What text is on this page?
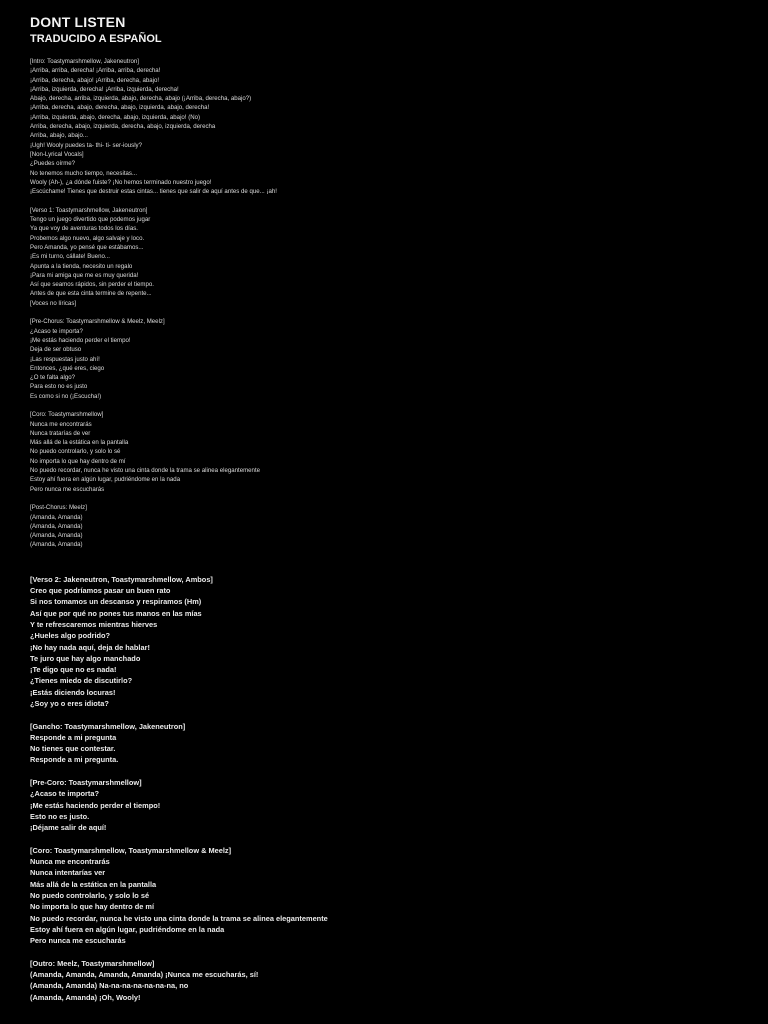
DONT LISTEN
TRADUCIDO A ESPAÑOL
[Intro: Toastymarshmellow, Jakeneutron]
¡Arriba, arriba, derecha! ¡Arriba, arriba, derecha!
¡Arriba, derecha, abajo! ¡Arriba, derecha, abajo!
¡Arriba, izquierda, derecha! ¡Arriba, izquierda, derecha!
Abajo, derecha, arriba, izquierda, abajo, derecha, abajo (¡Arriba, derecha, abajo?)
¡Arriba, derecha, abajo, derecha, abajo, izquierda, abajo, derecha!
¡Arriba, izquierda, abajo, derecha, abajo, izquierda, abajo! (No)
Arriba, derecha, abajo, izquierda, derecha, abajo, izquierda, derecha
Arriba, abajo, abajo...
¡Ugh! Wooly puedes ta- thi- ti- ser-iously?
[Non-Lyrical Vocals]
¿Puedes oírme?
No tenemos mucho tiempo, necesitas...
Wooly (Ah-), ¿a dónde fuiste? ¡No hemos terminado nuestro juego!
¡Escúchame! Tienes que destruir estas cintas... tienes que salir de aquí antes de que... ¡ah!
[Verso 1: Toastymarshmellow, Jakeneutron]
Tengo un juego divertido que podemos jugar
Ya que voy de aventuras todos los días.
Probemos algo nuevo, algo salvaje y loco.
Pero Amanda, yo pensé que estábamos...
¡Es mi turno, cállate! Bueno...
Apunta a la tienda, necesito un regalo
¡Para mi amiga que me es muy querida!
Así que seamos rápidos, sin perder el tiempo.
Antes de que esta cinta termine de repente...
[Voces no líricas]
[Pre-Chorus: Toastymarshmellow & Meelz, Meelz]
¿Acaso te importa?
¡Me estás haciendo perder el tiempo!
Deja de ser obtuso
¡Las respuestas justo ahí!
Entonces, ¿qué eres, ciego
¿O te falta algo?
Para esto no es justo
Es como si no (¡Escucha!)
[Coro: Toastymarshmellow]
Nunca me encontrarás
Nunca tratarías de ver
Más allá de la estática en la pantalla
No puedo controlarlo, y solo lo sé
No importa lo que hay dentro de mí
No puedo recordar, nunca he visto una cinta donde la trama se alinea elegantemente
Estoy ahí fuera en algún lugar, pudriéndome en la nada
Pero nunca me escucharás
[Post-Chorus: Meelz]
(Amanda, Amanda)
(Amanda, Amanda)
(Amanda, Amanda)
(Amanda, Amanda)
[Verso 2: Jakeneutron, Toastymarshmellow, Ambos]
Creo que podríamos pasar un buen rato
Si nos tomamos un descanso y respiramos (Hm)
Así que por qué no pones tus manos en las mías
Y te refrescaremos mientras hierves
¿Hueles algo podrido?
¡No hay nada aquí, deja de hablar!
Te juro que hay algo manchado
¡Te digo que no es nada!
¿Tienes miedo de discutirlo?
¡Estás diciendo locuras!
¿Soy yo o eres idiota?
[Gancho: Toastymarshmellow, Jakeneutron]
Responde a mi pregunta
No tienes que contestar.
Responde a mi pregunta.
[Pre-Coro: Toastymarshmellow]
¿Acaso te importa?
¡Me estás haciendo perder el tiempo!
Esto no es justo.
¡Déjame salir de aquí!
[Coro: Toastymarshmellow, Toastymarshmellow & Meelz]
Nunca me encontrarás
Nunca intentarías ver
Más allá de la estática en la pantalla
No puedo controlarlo, y solo lo sé
No importa lo que hay dentro de mí
No puedo recordar, nunca he visto una cinta donde la trama se alinea elegantemente
Estoy ahí fuera en algún lugar, pudriéndome en la nada
Pero nunca me escucharás
[Outro: Meelz, Toastymarshmellow]
(Amanda, Amanda, Amanda, Amanda) ¡Nunca me escucharás, sí!
(Amanda, Amanda) Na-na-na-na-na-na-na, no
(Amanda, Amanda) ¡Oh, Wooly!
